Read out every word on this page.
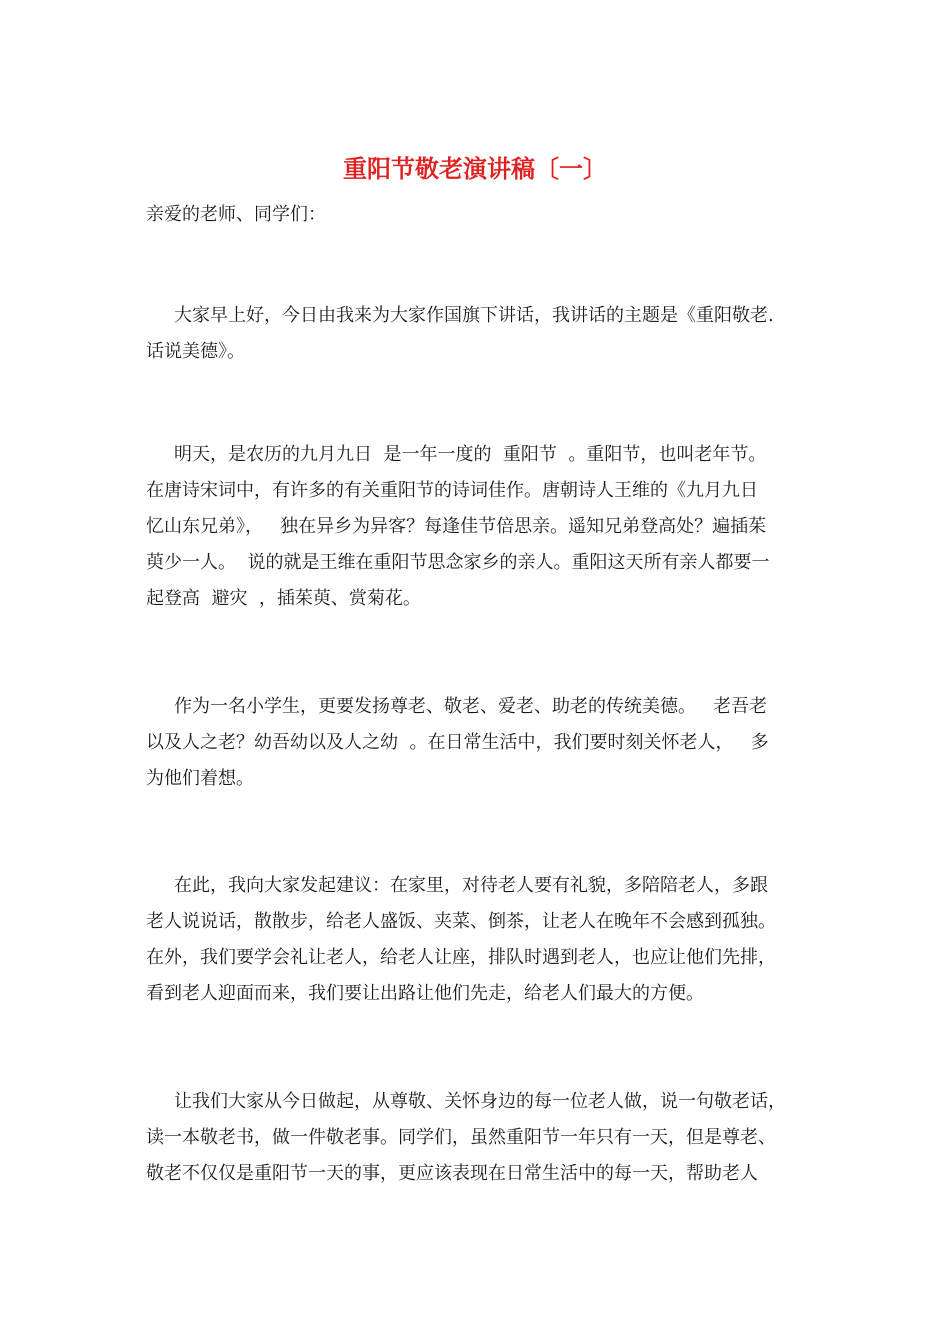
重阳节敬老演讲稿〔一〕
亲爱的老师、同学们：
大家早上好，今日由我来为大家作国旗下讲话，我讲话的主题是《重阳敬老.
话说美德》。
明天，是农历的九月九日  是一年一度的  重阳节  。重阳节，也叫老年节。
在唐诗宋词中，有许多的有关重阳节的诗词佳作。唐朝诗人王维的《九月九日
忆山东兄弟》，   独在异乡为异客？每逢佳节倍思亲。遥知兄弟登高处？遍插茱
萸少一人。  说的就是王维在重阳节思念家乡的亲人。重阳这天所有亲人都要一
起登高  避灾  ，插茱萸、赏菊花。
作为一名小学生，更要发扬尊老、敬老、爱老、助老的传统美德。   老吾老
以及人之老？幼吾幼以及人之幼  。在日常生活中，我们要时刻关怀老人，   多
为他们着想。
在此，我向大家发起建议：在家里，对待老人要有礼貌，多陪陪老人，多跟
老人说说话，散散步，给老人盛饭、夹菜、倒茶，让老人在晚年不会感到孤独。
在外，我们要学会礼让老人，给老人让座，排队时遇到老人，也应让他们先排，
看到老人迎面而来，我们要让出路让他们先走，给老人们最大的方便。
让我们大家从今日做起，从尊敬、关怀身边的每一位老人做，说一句敬老话，
读一本敬老书，做一件敬老事。同学们，虽然重阳节一年只有一天，但是尊老、
敬老不仅仅是重阳节一天的事，更应该表现在日常生活中的每一天，帮助老人
